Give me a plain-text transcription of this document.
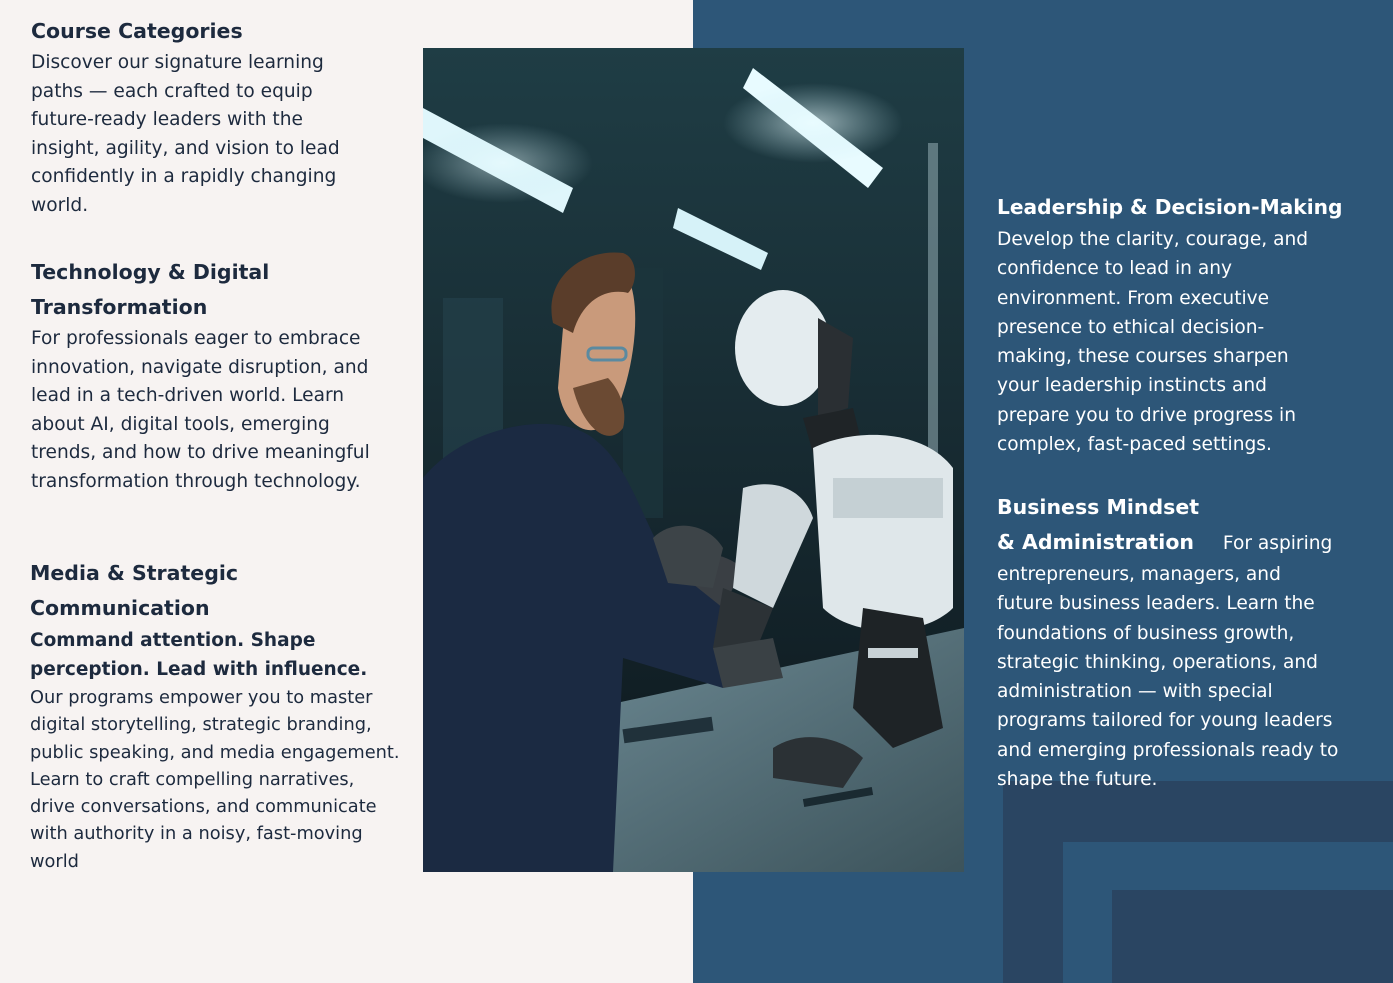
Course Categories

Discover our signature learning paths — each crafted to equip future-ready leaders with the insight, agility, and vision to lead confidently in a rapidly changing world.

Technology & Digital Transformation

For professionals eager to embrace innovation, navigate disruption, and lead in a tech-driven world. Learn about AI, digital tools, emerging trends, and how to drive meaningful transformation through technology.

Media & Strategic Communication

Command attention. Shape perception. Lead with influence.

Our programs empower you to master digital storytelling, strategic branding, public speaking, and media engagement. Learn to craft compelling narratives, drive conversations, and communicate with authority in a noisy, fast-moving world

Leadership & Decision-Making

Develop the clarity, courage, and confidence to lead in any environment. From executive presence to ethical decision-making, these courses sharpen your leadership instincts and prepare you to drive progress in complex, fast-paced settings.

Business Mindset & Administration For aspiring entrepreneurs, managers, and future business leaders. Learn the foundations of business growth, strategic thinking, operations, and administration — with special programs tailored for young leaders and emerging professionals ready to shape the future.
